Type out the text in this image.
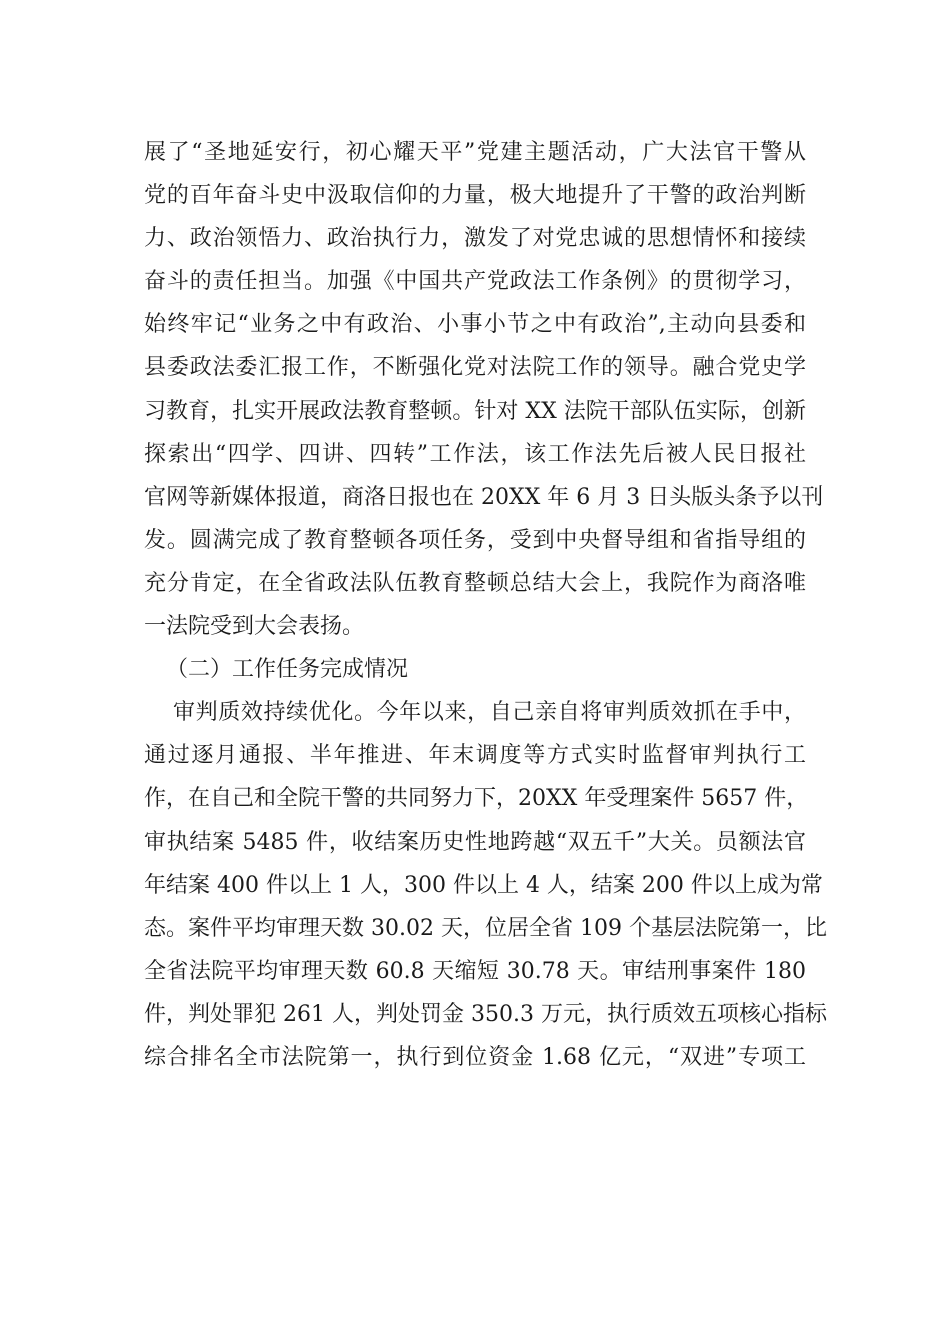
展了“圣地延安行，初心耀天平”党建主题活动，广大法官干警从
党的百年奋斗史中汲取信仰的力量，极大地提升了干警的政治判断
力、政治领悟力、政治执行力，激发了对党忠诚的思想情怀和接续
奋斗的责任担当。加强《中国共产党政法工作条例》的贯彻学习，
始终牢记“业务之中有政治、小事小节之中有政治”,主动向县委和
县委政法委汇报工作，不断强化党对法院工作的领导。融合党史学
习教育，扎实开展政法教育整顿。针对 XX 法院干部队伍实际，创新
探索出“四学、四讲、四转”工作法，该工作法先后被人民日报社
官网等新媒体报道，商洛日报也在 20XX 年 6 月 3 日头版头条予以刊
发。圆满完成了教育整顿各项任务，受到中央督导组和省指导组的
充分肯定，在全省政法队伍教育整顿总结大会上，我院作为商洛唯
一法院受到大会表扬。
（二）工作任务完成情况
审判质效持续优化。今年以来，自己亲自将审判质效抓在手中，
通过逐月通报、半年推进、年末调度等方式实时监督审判执行工
作，在自己和全院干警的共同努力下，20XX 年受理案件 5657 件，
审执结案 5485 件，收结案历史性地跨越“双五千”大关。员额法官
年结案 400 件以上 1 人，300 件以上 4 人，结案 200 件以上成为常
态。案件平均审理天数 30.02 天，位居全省 109 个基层法院第一，比
全省法院平均审理天数 60.8 天缩短 30.78 天。审结刑事案件 180
件，判处罪犯 261 人，判处罚金 350.3 万元，执行质效五项核心指标
综合排名全市法院第一，执行到位资金 1.68 亿元，“双进”专项工
